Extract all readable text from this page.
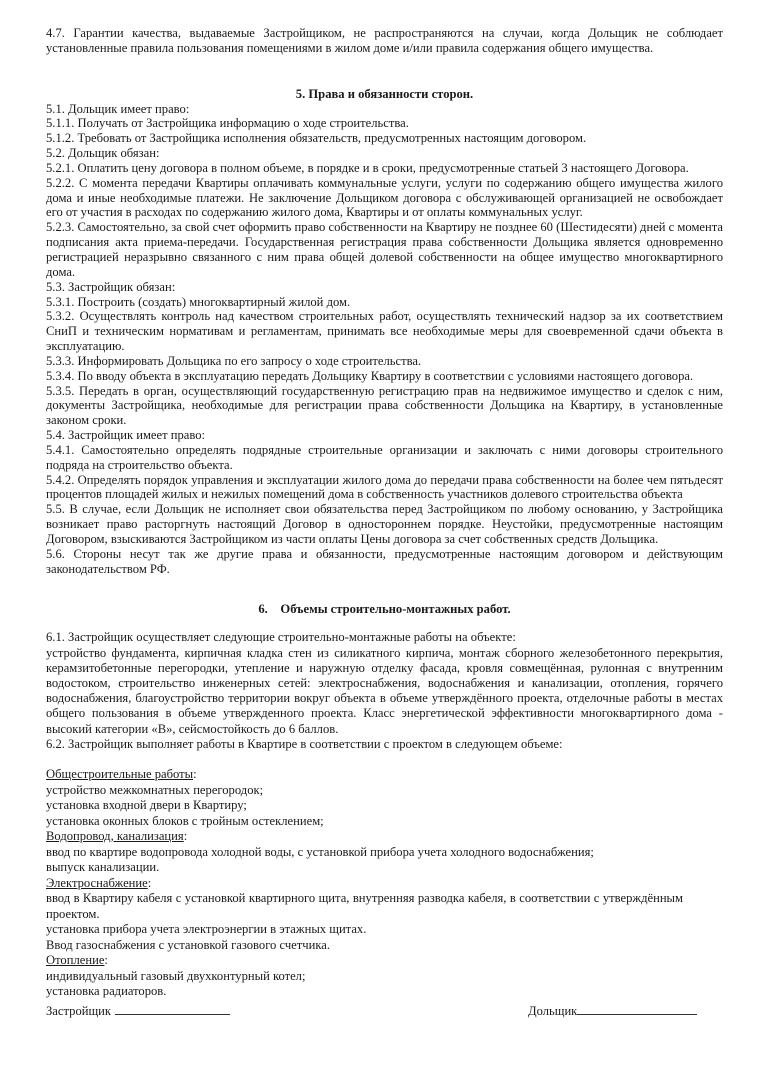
4.7. Гарантии качества, выдаваемые Застройщиком, не распространяются на случаи, когда Дольщик не соблюдает установленные правила пользования помещениями в жилом доме и/или правила содержания общего имущества.

5. Права и обязанности сторон.

5.1. Дольщик имеет право:

5.1.1. Получать от Застройщика информацию о ходе строительства.

5.1.2. Требовать от Застройщика исполнения обязательств, предусмотренных настоящим договором.

5.2. Дольщик обязан:

5.2.1. Оплатить цену договора в полном объеме, в порядке и в сроки, предусмотренные статьей 3 настоящего Договора.

5.2.2. С момента передачи Квартиры оплачивать коммунальные услуги, услуги по содержанию общего имущества жилого дома и иные необходимые платежи. Не заключение Дольщиком договора с обслуживающей организацией не освобождает его от участия в расходах по содержанию жилого дома, Квартиры и от оплаты коммунальных услуг.

5.2.3. Самостоятельно, за свой счет оформить право собственности на Квартиру не позднее 60 (Шестидесяти) дней с момента подписания акта приема-передачи. Государственная регистрация права собственности Дольщика является одновременно регистрацией неразрывно связанного с ним права общей долевой собственности на общее имущество многоквартирного дома.

5.3. Застройщик обязан:

5.3.1. Построить (создать) многоквартирный жилой дом.

5.3.2. Осуществлять контроль над качеством строительных работ, осуществлять технический надзор за их соответствием СниП и техническим нормативам и регламентам, принимать все необходимые меры для своевременной сдачи объекта в эксплуатацию.

5.3.3. Информировать Дольщика по его запросу о ходе строительства.

5.3.4. По вводу объекта в эксплуатацию передать Дольщику Квартиру в соответствии с условиями настоящего договора.

5.3.5. Передать в орган, осуществляющий государственную регистрацию прав на недвижимое имущество и сделок с ним, документы Застройщика, необходимые для регистрации права собственности Дольщика на Квартиру, в установленные законом сроки.

5.4. Застройщик имеет право:

5.4.1. Самостоятельно определять подрядные строительные организации и заключать с ними договоры строительного подряда на строительство объекта.

5.4.2. Определять порядок управления и эксплуатации жилого дома до передачи права собственности на более чем пятьдесят процентов площадей жилых и нежилых помещений дома в собственность участников долевого строительства объекта

5.5. В случае, если Дольщик не исполняет свои обязательства перед Застройщиком по любому основанию, у Застройщика возникает право расторгнуть настоящий Договор в одностороннем порядке. Неустойки, предусмотренные настоящим Договором, взыскиваются Застройщиком из части оплаты Цены договора за счет собственных средств Дольщика.

5.6. Стороны несут так же другие права и обязанности, предусмотренные настоящим договором и действующим законодательством РФ.

6.    Объемы строительно-монтажных работ.

6.1. Застройщик осуществляет следующие строительно-монтажные работы на объекте:

устройство фундамента, кирпичная кладка стен из силикатного кирпича, монтаж сборного железобетонного перекрытия, керамзитобетонные перегородки, утепление и наружную отделку фасада, кровля совмещённая, рулонная с внутренним водостоком, строительство инженерных сетей: электроснабжения, водоснабжения и канализации, отопления, горячего водоснабжения, благоустройство территории вокруг объекта в объеме утверждённого проекта, отделочные работы в местах общего пользования в объеме утвержденного проекта. Класс энергетической эффективности многоквартирного дома - высокий категории «В», сейсмостойкость до 6 баллов.

6.2. Застройщик выполняет работы в Квартире в соответствии с проектом в следующем объеме:

Общестроительные работы:

устройство межкомнатных перегородок;

установка входной двери в Квартиру;

установка оконных блоков с тройным остеклением;

Водопровод, канализация:

ввод по квартире водопровода холодной воды, с установкой прибора учета холодного водоснабжения;

выпуск канализации.

Электроснабжение:

ввод в Квартиру кабеля с установкой квартирного щита, внутренняя разводка кабеля, в соответствии с утверждённым проектом.

установка прибора учета электроэнергии в этажных щитах.

Ввод газоснабжения с установкой газового счетчика.

Отопление:

индивидуальный газовый двухконтурный котел;

установка радиаторов.

Застройщик	Дольщик
